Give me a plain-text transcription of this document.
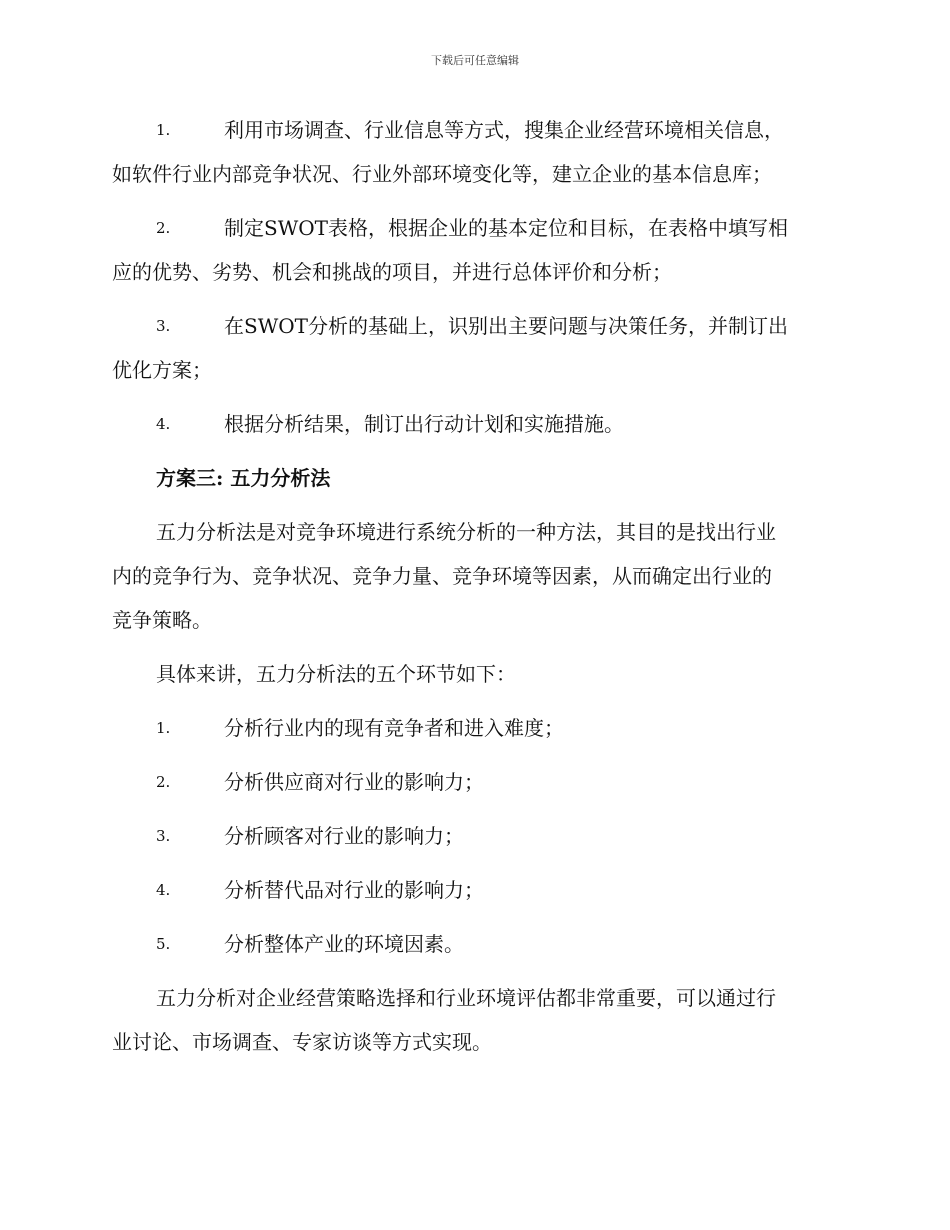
下载后可任意编辑
1.	利用市场调查、行业信息等方式，搜集企业经营环境相关信息，
如软件行业内部竞争状况、行业外部环境变化等，建立企业的基本信息库；
2.	制定SWOT表格，根据企业的基本定位和目标，在表格中填写相
应的优势、劣势、机会和挑战的项目，并进行总体评价和分析；
3.	在SWOT分析的基础上，识别出主要问题与决策任务，并制订出
优化方案；
4.	根据分析结果，制订出行动计划和实施措施。
方案三: 五力分析法
五力分析法是对竞争环境进行系统分析的一种方法，其目的是找出行业
内的竞争行为、竞争状况、竞争力量、竞争环境等因素，从而确定出行业的
竞争策略。
具体来讲，五力分析法的五个环节如下：
1.	分析行业内的现有竞争者和进入难度；
2.	分析供应商对行业的影响力；
3.	分析顾客对行业的影响力；
4.	分析替代品对行业的影响力；
5.	分析整体产业的环境因素。
五力分析对企业经营策略选择和行业环境评估都非常重要，可以通过行
业讨论、市场调查、专家访谈等方式实现。
